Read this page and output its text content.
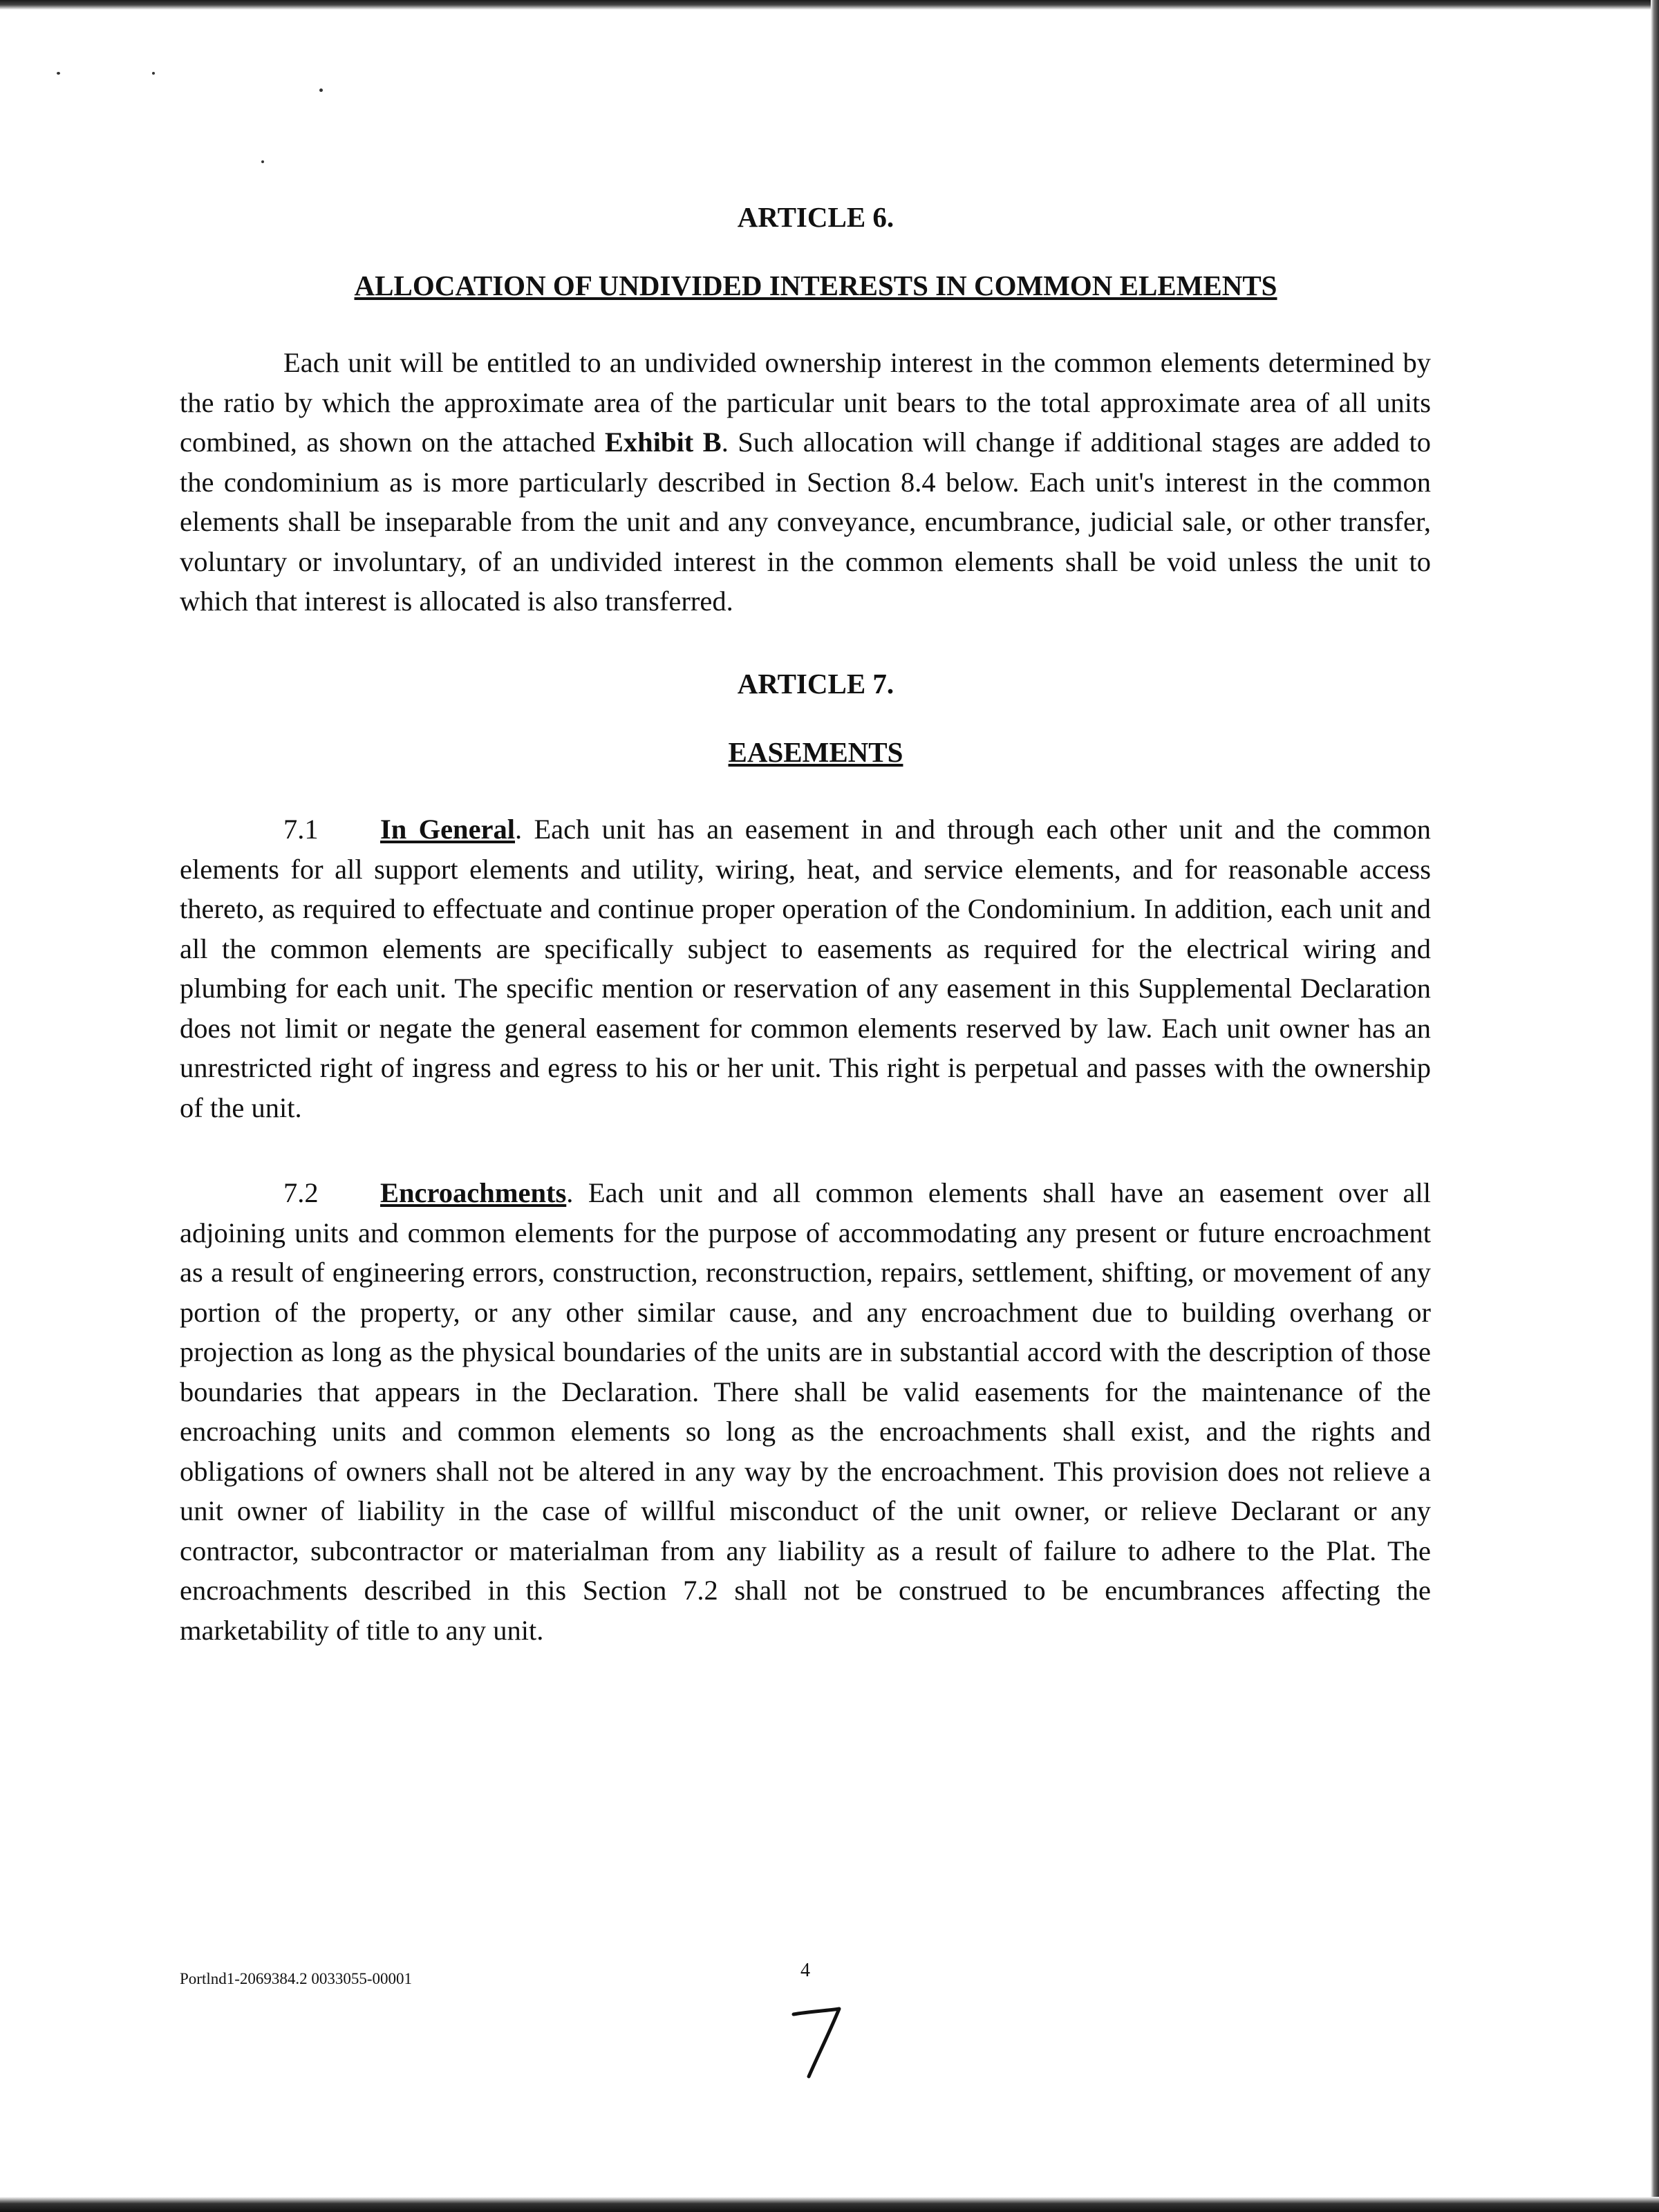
ARTICLE 6.
ALLOCATION OF UNDIVIDED INTERESTS IN COMMON ELEMENTS

Each unit will be entitled to an undivided ownership interest in the common elements determined by the ratio by which the approximate area of the particular unit bears to the total approximate area of all units combined, as shown on the attached Exhibit B. Such allocation will change if additional stages are added to the condominium as is more particularly described in Section 8.4 below. Each unit's interest in the common elements shall be inseparable from the unit and any conveyance, encumbrance, judicial sale, or other transfer, voluntary or involuntary, of an undivided interest in the common elements shall be void unless the unit to which that interest is allocated is also transferred.

ARTICLE 7.
EASEMENTS

7.1 In General. Each unit has an easement in and through each other unit and the common elements for all support elements and utility, wiring, heat, and service elements, and for reasonable access thereto, as required to effectuate and continue proper operation of the Condominium. In addition, each unit and all the common elements are specifically subject to easements as required for the electrical wiring and plumbing for each unit. The specific mention or reservation of any easement in this Supplemental Declaration does not limit or negate the general easement for common elements reserved by law. Each unit owner has an unrestricted right of ingress and egress to his or her unit. This right is perpetual and passes with the ownership of the unit.

7.2 Encroachments. Each unit and all common elements shall have an easement over all adjoining units and common elements for the purpose of accommodating any present or future encroachment as a result of engineering errors, construction, reconstruction, repairs, settlement, shifting, or movement of any portion of the property, or any other similar cause, and any encroachment due to building overhang or projection as long as the physical boundaries of the units are in substantial accord with the description of those boundaries that appears in the Declaration. There shall be valid easements for the maintenance of the encroaching units and common elements so long as the encroachments shall exist, and the rights and obligations of owners shall not be altered in any way by the encroachment. This provision does not relieve a unit owner of liability in the case of willful misconduct of the unit owner, or relieve Declarant or any contractor, subcontractor or materialman from any liability as a result of failure to adhere to the Plat. The encroachments described in this Section 7.2 shall not be construed to be encumbrances affecting the marketability of title to any unit.

Portlnd1-2069384.2 0033055-00001	4
